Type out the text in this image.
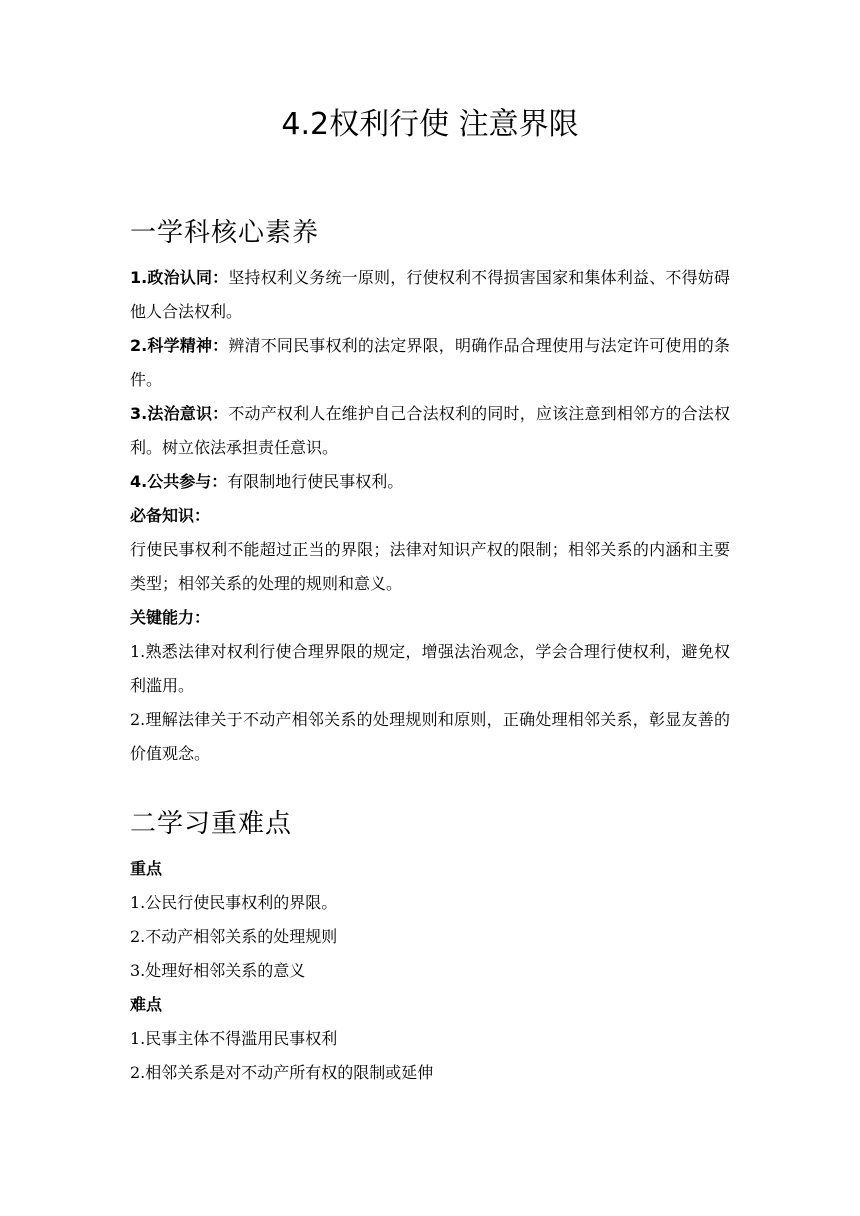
4.2权利行使 注意界限
一学科核心素养

1.政治认同：坚持权利义务统一原则，行使权利不得损害国家和集体利益、不得妨碍他人合法权利。

2.科学精神：辨清不同民事权利的法定界限，明确作品合理使用与法定许可使用的条件。

3.法治意识：不动产权利人在维护自己合法权利的同时，应该注意到相邻方的合法权利。树立依法承担责任意识。

4.公共参与：有限制地行使民事权利。

必备知识：

行使民事权利不能超过正当的界限；法律对知识产权的限制；相邻关系的内涵和主要类型；相邻关系的处理的规则和意义。

关键能力：

1.熟悉法律对权利行使合理界限的规定，增强法治观念，学会合理行使权利，避免权利滥用。

2.理解法律关于不动产相邻关系的处理规则和原则，正确处理相邻关系，彰显友善的价值观念。

二学习重难点

重点

1.公民行使民事权利的界限。

2.不动产相邻关系的处理规则

3.处理好相邻关系的意义

难点

1.民事主体不得滥用民事权利

2.相邻关系是对不动产所有权的限制或延伸
